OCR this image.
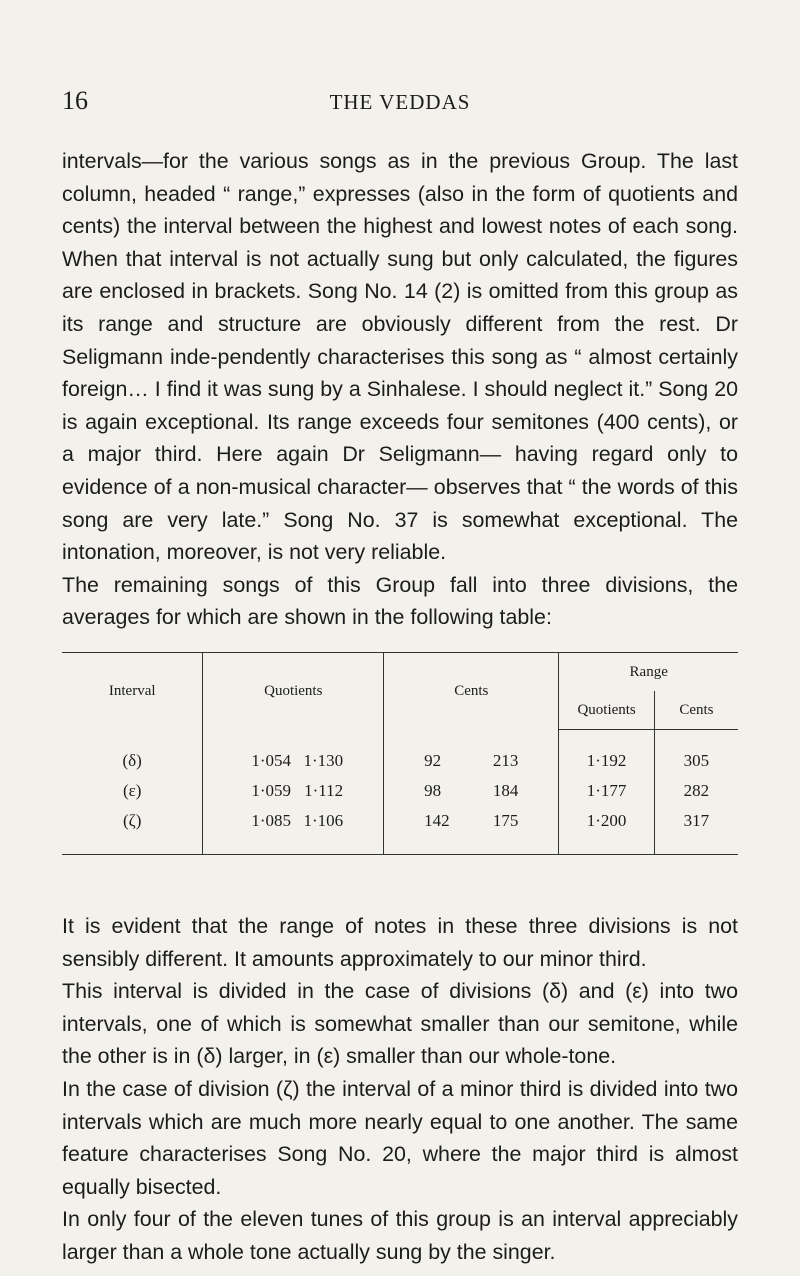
16	THE VEDDAS

intervals—for the various songs as in the previous Group. The last column, headed “ range,” expresses (also in the form of quotients and cents) the interval between the highest and lowest notes of each song. When that interval is not actually sung but only calculated, the figures are enclosed in brackets. Song No. 14 (2) is omitted from this group as its range and structure are obviously different from the rest. Dr Seligmann inde-pendently characterises this song as “ almost certainly foreign… I find it was sung by a Sinhalese. I should neglect it.” Song 20 is again exceptional. Its range exceeds four semitones (400 cents), or a major third. Here again Dr Seligmann— having regard only to evidence of a non-musical character— observes that “ the words of this song are very late.” Song No. 37 is somewhat exceptional. The intonation, moreover, is not very reliable.

The remaining songs of this Group fall into three divisions, the averages for which are shown in the following table:

Interval	Quotients	Cents	Range	
			Quotients	Cents
(δ)	1·054 1·130	92 213	1·192	305
(ε)	1·059 1·112	98 184	1·177	282
(ζ)	1·085 1·106	142 175	1·200	317

It is evident that the range of notes in these three divisions is not sensibly different. It amounts approximately to our minor third.

This interval is divided in the case of divisions (δ) and (ε) into two intervals, one of which is somewhat smaller than our semitone, while the other is in (δ) larger, in (ε) smaller than our whole-tone.

In the case of division (ζ) the interval of a minor third is divided into two intervals which are much more nearly equal to one another. The same feature characterises Song No. 20, where the major third is almost equally bisected.

In only four of the eleven tunes of this group is an interval appreciably larger than a whole tone actually sung by the singer.
